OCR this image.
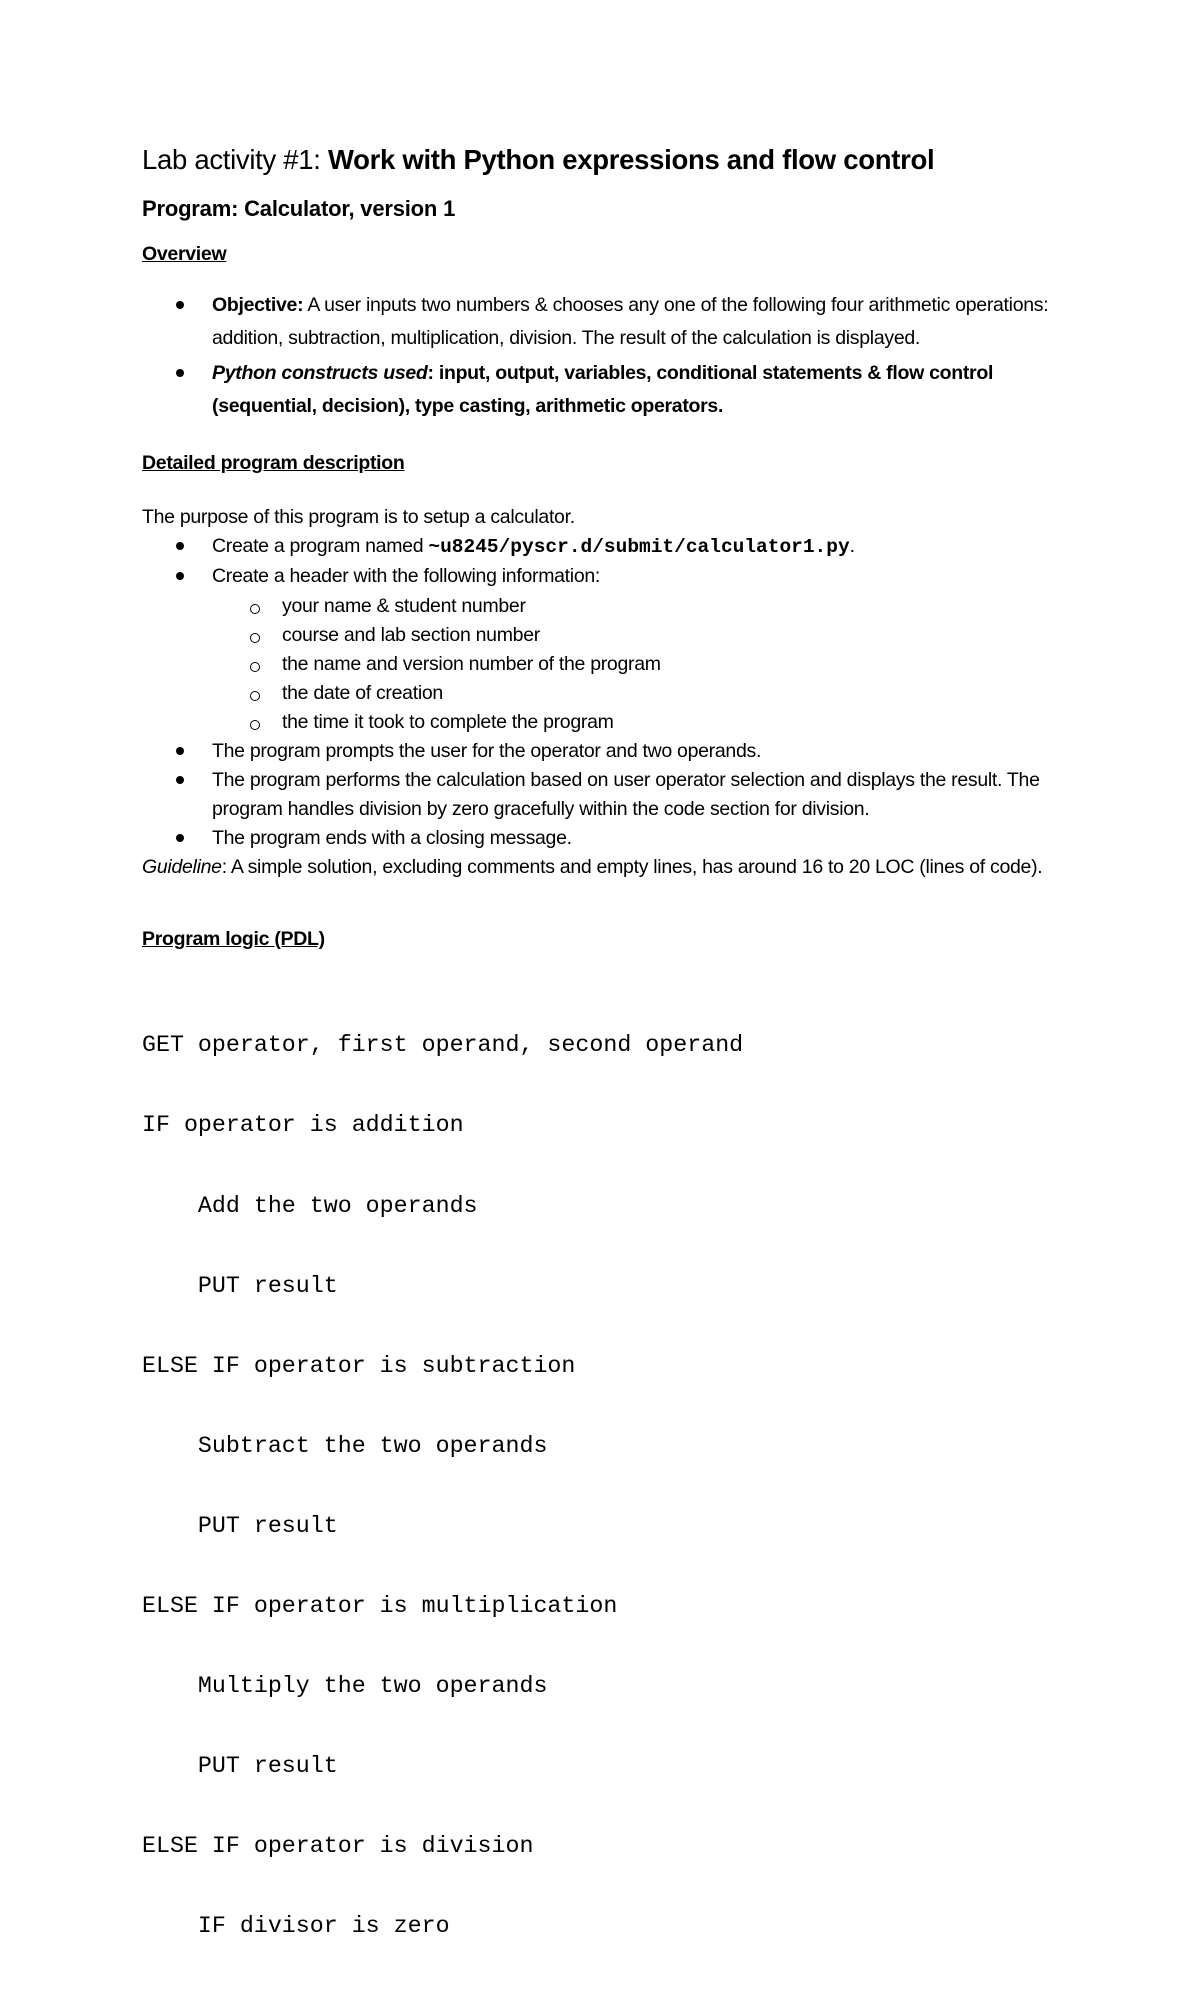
Lab activity #1: Work with Python expressions and flow control

Program: Calculator, version 1

Overview
Objective: A user inputs two numbers & chooses any one of the following four arithmetic operations: addition, subtraction, multiplication, division. The result of the calculation is displayed.
Python constructs used: input, output, variables, conditional statements & flow control (sequential, decision), type casting, arithmetic operators.
Detailed program description

The purpose of this program is to setup a calculator.

Create a program named ~u8245/pyscr.d/submit/calculator1.py.
Create a header with the following information:
your name & student number
course and lab section number
the name and version number of the program
the date of creation
the time it took to complete the program
The program prompts the user for the operator and two operands.
The program performs the calculation based on user operator selection and displays the result. The program handles division by zero gracefully within the code section for division.
The program ends with a closing message.

Guideline: A simple solution, excluding comments and empty lines, has around 16 to 20 LOC (lines of code).

Program logic (PDL)

GET operator, first operand, second operand

IF operator is addition

Add the two operands

PUT result

ELSE IF operator is subtraction

Subtract the two operands

PUT result

ELSE IF operator is multiplication

Multiply the two operands

PUT result

ELSE IF operator is division

IF divisor is zero
